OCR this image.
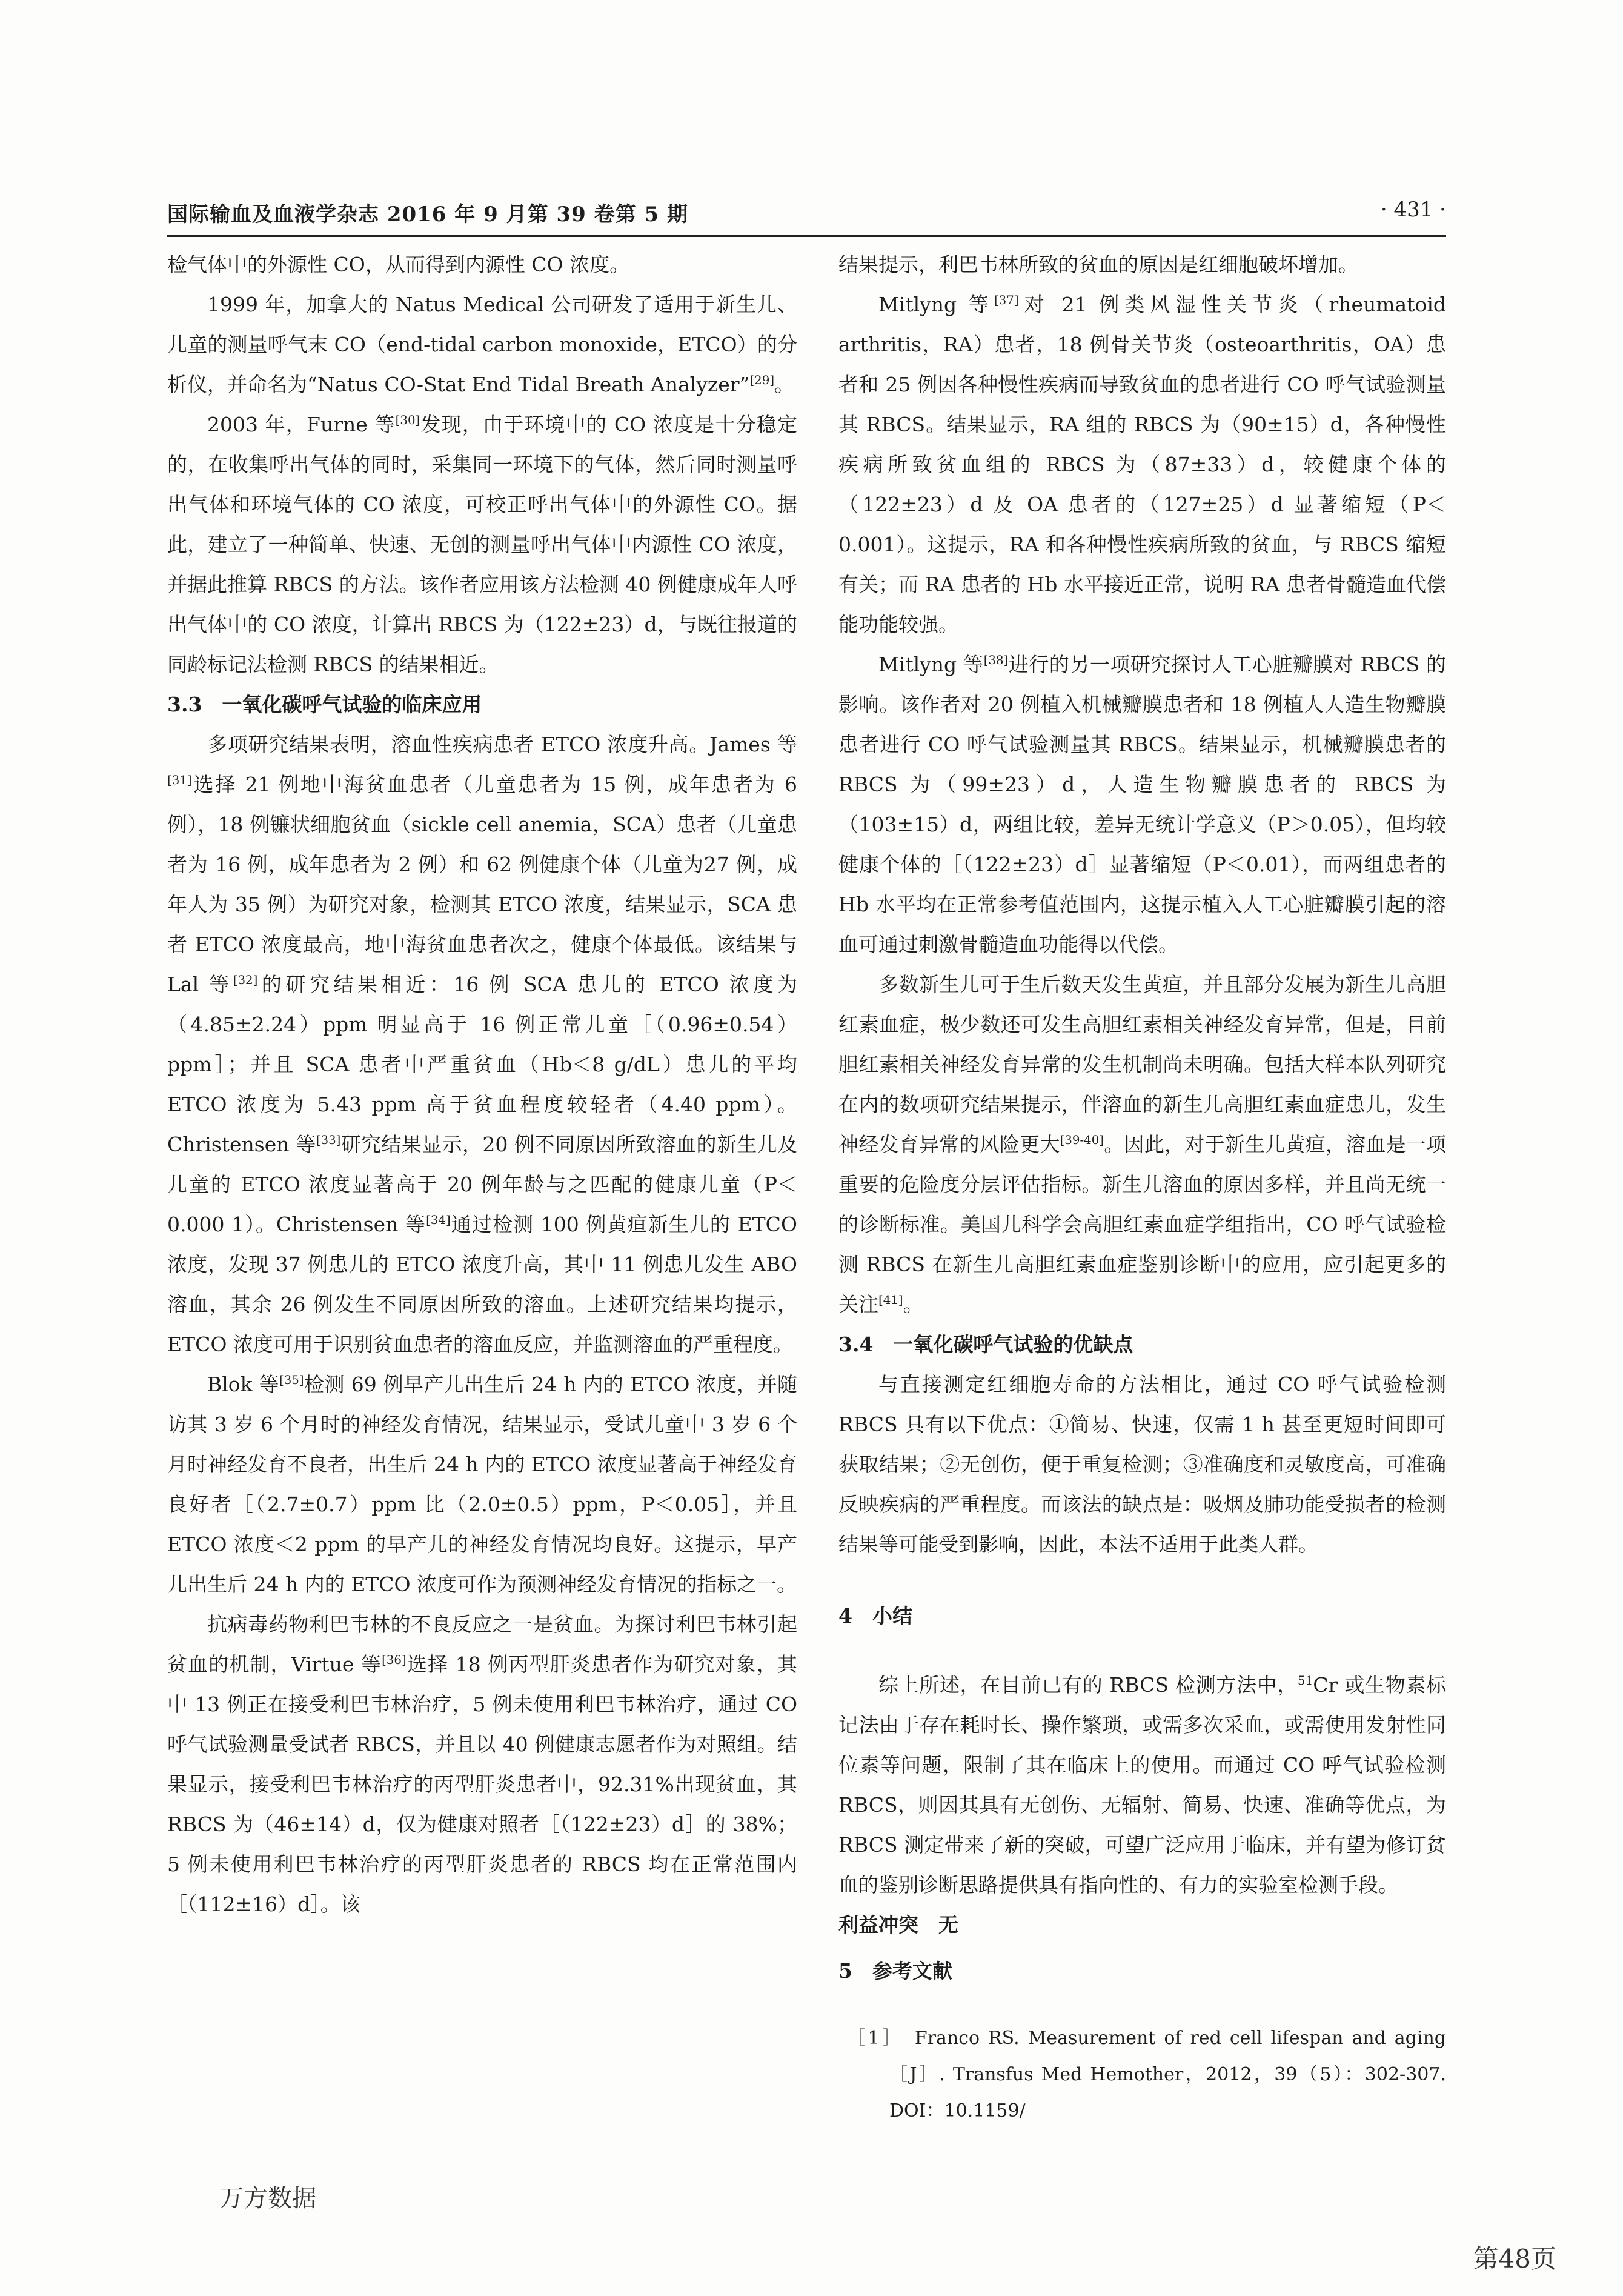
国际输血及血液学杂志 2016 年 9 月第 39 卷第 5 期	· 431 ·

检气体中的外源性 CO，从而得到内源性 CO 浓度。

1999 年，加拿大的 Natus Medical 公司研发了适用于新生儿、儿童的测量呼气末 CO（end-tidal carbon monoxide，ETCO）的分析仪，并命名为“Natus CO-Stat End Tidal Breath Analyzer”[29]。

2003 年，Furne 等[30]发现，由于环境中的 CO 浓度是十分稳定的，在收集呼出气体的同时，采集同一环境下的气体，然后同时测量呼出气体和环境气体的 CO 浓度，可校正呼出气体中的外源性 CO。据此，建立了一种简单、快速、无创的测量呼出气体中内源性 CO 浓度，并据此推算 RBCS 的方法。该作者应用该方法检测 40 例健康成年人呼出气体中的 CO 浓度，计算出 RBCS 为（122±23）d，与既往报道的同龄标记法检测 RBCS 的结果相近。

3.3　一氧化碳呼气试验的临床应用

多项研究结果表明，溶血性疾病患者 ETCO 浓度升高。James 等[31]选择 21 例地中海贫血患者（儿童患者为 15 例，成年患者为 6 例），18 例镰状细胞贫血（sickle cell anemia，SCA）患者（儿童患者为 16 例，成年患者为 2 例）和 62 例健康个体（儿童为27 例，成年人为 35 例）为研究对象，检测其 ETCO 浓度，结果显示，SCA 患者 ETCO 浓度最高，地中海贫血患者次之，健康个体最低。该结果与 Lal 等[32]的研究结果相近：16 例 SCA 患儿的 ETCO 浓度为（4.85±2.24）ppm 明显高于 16 例正常儿童［（0.96±0.54）ppm］；并且 SCA 患者中严重贫血（Hb＜8 g/dL）患儿的平均 ETCO 浓度为 5.43 ppm 高于贫血程度较轻者（4.40 ppm）。Christensen 等[33]研究结果显示，20 例不同原因所致溶血的新生儿及儿童的 ETCO 浓度显著高于 20 例年龄与之匹配的健康儿童（P＜0.000 1）。Christensen 等[34]通过检测 100 例黄疸新生儿的 ETCO 浓度，发现 37 例患儿的 ETCO 浓度升高，其中 11 例患儿发生 ABO 溶血，其余 26 例发生不同原因所致的溶血。上述研究结果均提示，ETCO 浓度可用于识别贫血患者的溶血反应，并监测溶血的严重程度。

Blok 等[35]检测 69 例早产儿出生后 24 h 内的 ETCO 浓度，并随访其 3 岁 6 个月时的神经发育情况，结果显示，受试儿童中 3 岁 6 个月时神经发育不良者，出生后 24 h 内的 ETCO 浓度显著高于神经发育良好者［（2.7±0.7）ppm 比（2.0±0.5）ppm，P＜0.05］，并且 ETCO 浓度＜2 ppm 的早产儿的神经发育情况均良好。这提示，早产儿出生后 24 h 内的 ETCO 浓度可作为预测神经发育情况的指标之一。

抗病毒药物利巴韦林的不良反应之一是贫血。为探讨利巴韦林引起贫血的机制，Virtue 等[36]选择 18 例丙型肝炎患者作为研究对象，其中 13 例正在接受利巴韦林治疗，5 例未使用利巴韦林治疗，通过 CO 呼气试验测量受试者 RBCS，并且以 40 例健康志愿者作为对照组。结果显示，接受利巴韦林治疗的丙型肝炎患者中，92.31%出现贫血，其 RBCS 为（46±14）d，仅为健康对照者［（122±23）d］的 38%；5 例未使用利巴韦林治疗的丙型肝炎患者的 RBCS 均在正常范围内［（112±16）d］。该

结果提示，利巴韦林所致的贫血的原因是红细胞破坏增加。

Mitlyng 等[37]对 21 例类风湿性关节炎（rheumatoid arthritis，RA）患者，18 例骨关节炎（osteoarthritis，OA）患者和 25 例因各种慢性疾病而导致贫血的患者进行 CO 呼气试验测量其 RBCS。结果显示，RA 组的 RBCS 为（90±15）d，各种慢性疾病所致贫血组的 RBCS 为（87±33）d，较健康个体的（122±23）d 及 OA 患者的（127±25）d 显著缩短（P＜0.001）。这提示，RA 和各种慢性疾病所致的贫血，与 RBCS 缩短有关；而 RA 患者的 Hb 水平接近正常，说明 RA 患者骨髓造血代偿能功能较强。

Mitlyng 等[38]进行的另一项研究探讨人工心脏瓣膜对 RBCS 的影响。该作者对 20 例植入机械瓣膜患者和 18 例植人人造生物瓣膜患者进行 CO 呼气试验测量其 RBCS。结果显示，机械瓣膜患者的 RBCS 为（99±23）d，人造生物瓣膜患者的 RBCS 为（103±15）d，两组比较，差异无统计学意义（P＞0.05），但均较健康个体的［（122±23）d］显著缩短（P＜0.01），而两组患者的 Hb 水平均在正常参考值范围内，这提示植入人工心脏瓣膜引起的溶血可通过刺激骨髓造血功能得以代偿。

多数新生儿可于生后数天发生黄疸，并且部分发展为新生儿高胆红素血症，极少数还可发生高胆红素相关神经发育异常，但是，目前胆红素相关神经发育异常的发生机制尚未明确。包括大样本队列研究在内的数项研究结果提示，伴溶血的新生儿高胆红素血症患儿，发生神经发育异常的风险更大[39-40]。因此，对于新生儿黄疸，溶血是一项重要的危险度分层评估指标。新生儿溶血的原因多样，并且尚无统一的诊断标准。美国儿科学会高胆红素血症学组指出，CO 呼气试验检测 RBCS 在新生儿高胆红素血症鉴别诊断中的应用，应引起更多的关注[41]。

3.4　一氧化碳呼气试验的优缺点

与直接测定红细胞寿命的方法相比，通过 CO 呼气试验检测 RBCS 具有以下优点：①简易、快速，仅需 1 h 甚至更短时间即可获取结果；②无创伤，便于重复检测；③准确度和灵敏度高，可准确反映疾病的严重程度。而该法的缺点是：吸烟及肺功能受损者的检测结果等可能受到影响，因此，本法不适用于此类人群。

4　小结

综上所述，在目前已有的 RBCS 检测方法中，$^{51}$Cr 或生物素标记法由于存在耗时长、操作繁琐，或需多次采血，或需使用发射性同位素等问题，限制了其在临床上的使用。而通过 CO 呼气试验检测 RBCS，则因其具有无创伤、无辐射、简易、快速、准确等优点，为 RBCS 测定带来了新的突破，可望广泛应用于临床，并有望为修订贫血的鉴别诊断思路提供具有指向性的、有力的实验室检测手段。

利益冲突　无

5　参考文献

［1］　Franco RS. Measurement of red cell lifespan and aging［J］. Transfus Med Hemother，2012，39（5）：302-307. DOI：10.1159/

万方数据
第48页
